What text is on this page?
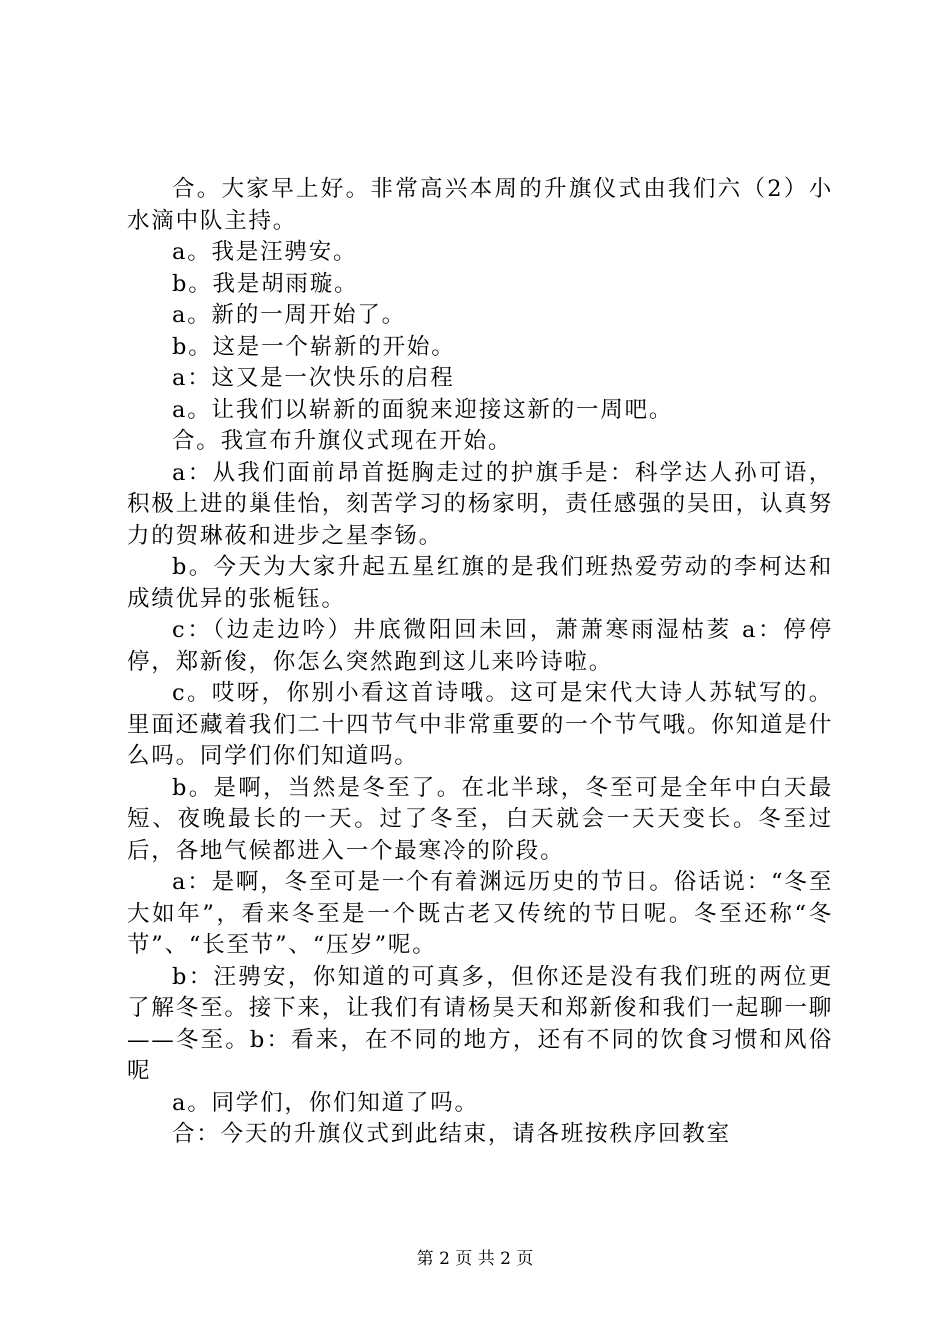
合。大家早上好。非常高兴本周的升旗仪式由我们六（2）小水滴中队主持。

a。我是汪骋安。

b。我是胡雨璇。

a。新的一周开始了。

b。这是一个崭新的开始。

a：这又是一次快乐的启程

a。让我们以崭新的面貌来迎接这新的一周吧。

合。我宣布升旗仪式现在开始。

a：从我们面前昂首挺胸走过的护旗手是：科学达人孙可语，积极上进的巢佳怡，刻苦学习的杨家明，责任感强的吴田，认真努力的贺琳莜和进步之星李钖。

b。今天为大家升起五星红旗的是我们班热爱劳动的李柯达和成绩优异的张栀钰。

c：（边走边吟）井底微阳回未回，萧萧寒雨湿枯荄 a：停停停，郑新俊，你怎么突然跑到这儿来吟诗啦。

c。哎呀，你别小看这首诗哦。这可是宋代大诗人苏轼写的。里面还藏着我们二十四节气中非常重要的一个节气哦。你知道是什么吗。同学们你们知道吗。

b。是啊，当然是冬至了。在北半球，冬至可是全年中白天最短、夜晚最长的一天。过了冬至，白天就会一天天变长。冬至过后，各地气候都进入一个最寒冷的阶段。

a：是啊，冬至可是一个有着渊远历史的节日。俗话说：“冬至大如年”，看来冬至是一个既古老又传统的节日呢。冬至还称“冬节”、“长至节”、“压岁”呢。

b：汪骋安，你知道的可真多，但你还是没有我们班的两位更了解冬至。接下来，让我们有请杨昊天和郑新俊和我们一起聊一聊——冬至。b：看来，在不同的地方，还有不同的饮食习惯和风俗呢

a。同学们，你们知道了吗。

合：今天的升旗仪式到此结束，请各班按秩序回教室

第 2 页 共 2 页
